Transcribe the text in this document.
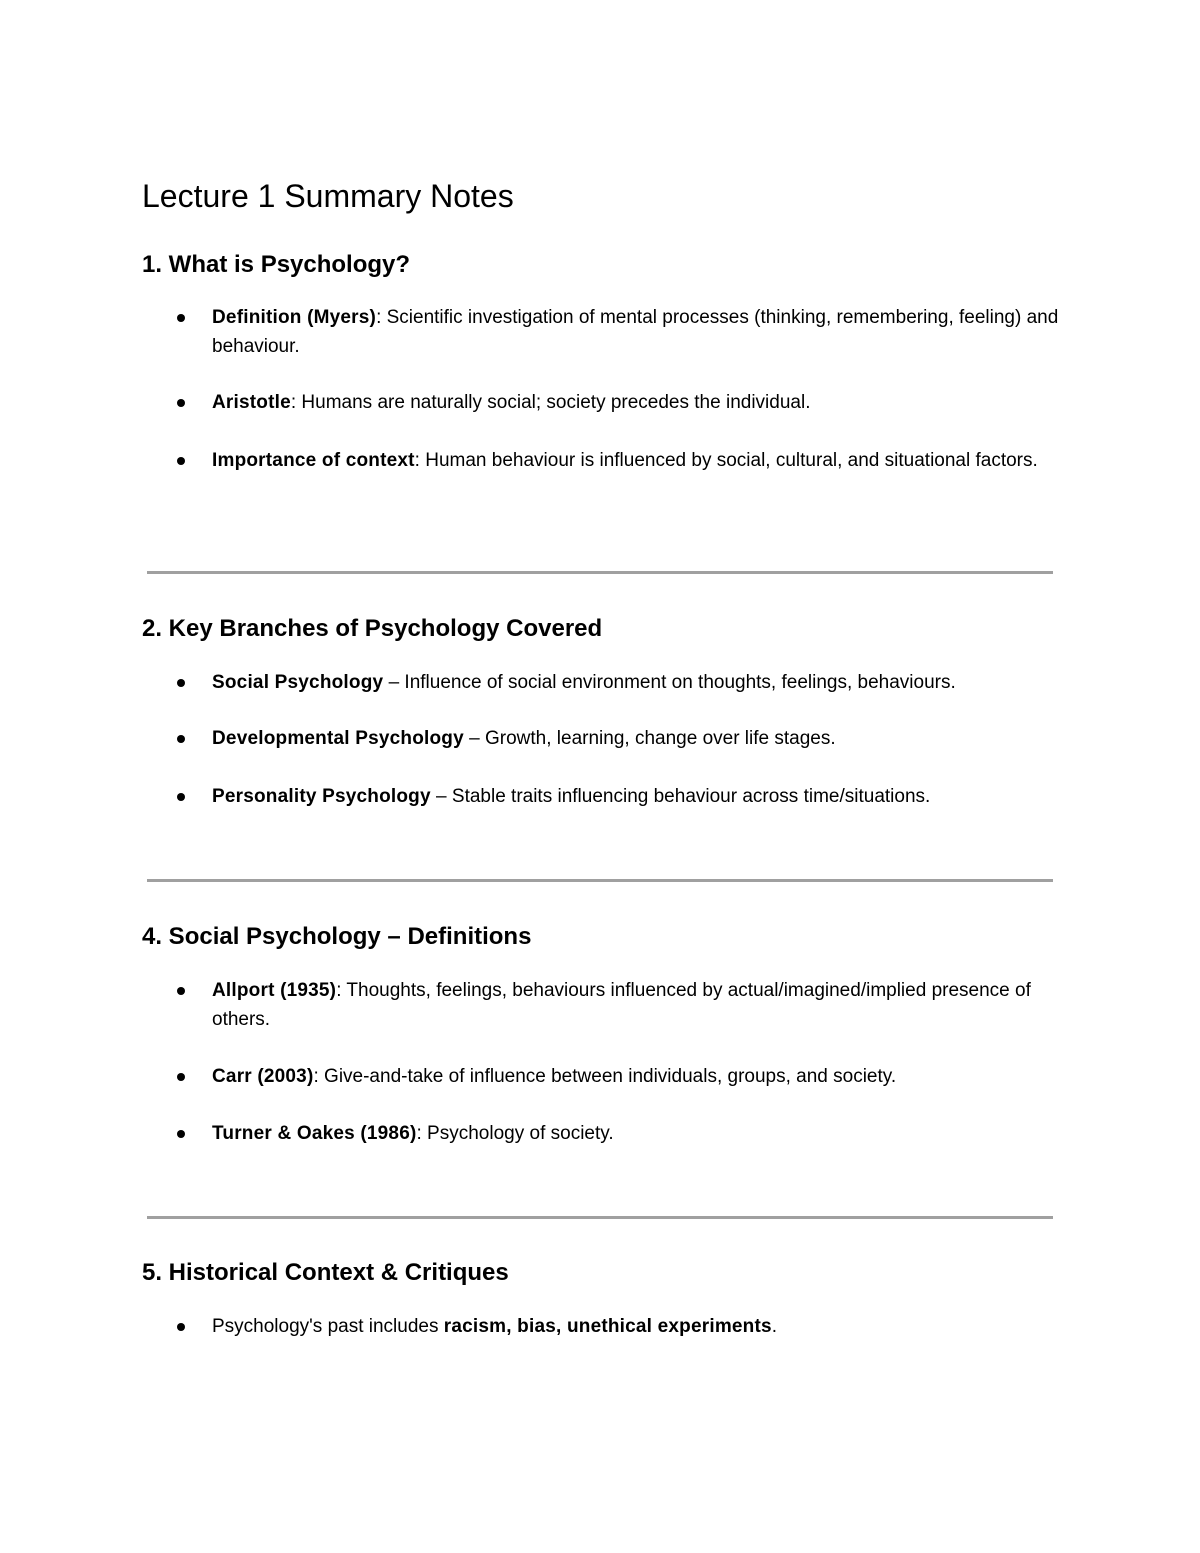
Lecture 1 Summary Notes
1. What is Psychology?
Definition (Myers): Scientific investigation of mental processes (thinking, remembering, feeling) and behaviour.
Aristotle: Humans are naturally social; society precedes the individual.
Importance of context: Human behaviour is influenced by social, cultural, and situational factors.
2. Key Branches of Psychology Covered
Social Psychology – Influence of social environment on thoughts, feelings, behaviours.
Developmental Psychology – Growth, learning, change over life stages.
Personality Psychology – Stable traits influencing behaviour across time/situations.
4. Social Psychology – Definitions
Allport (1935): Thoughts, feelings, behaviours influenced by actual/imagined/implied presence of others.
Carr (2003): Give-and-take of influence between individuals, groups, and society.
Turner & Oakes (1986): Psychology of society.
5. Historical Context & Critiques
Psychology's past includes racism, bias, unethical experiments.
